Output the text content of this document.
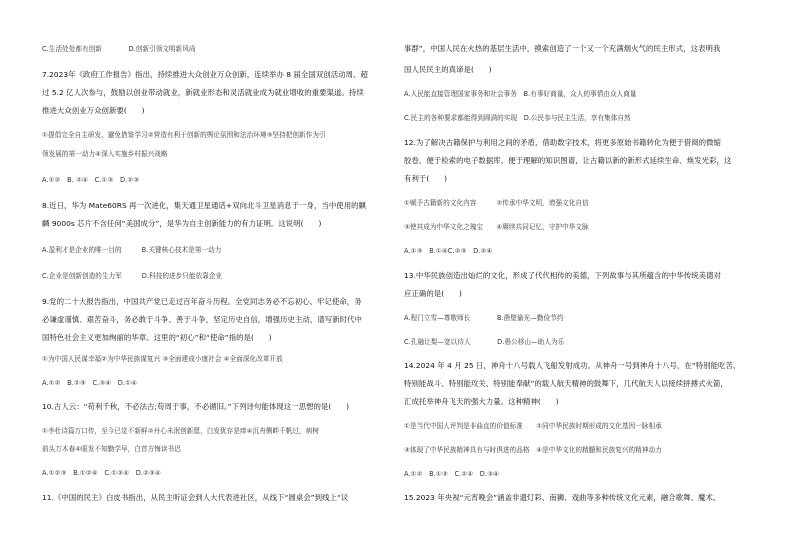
C.生活处处都有创新　　　　D.创新引领文明新风尚
7.2023年《政府工作报告》指出，持续推进大众创业万众创新，连续举办 8 届全国双创活动周、超
过 5.2 亿人次参与，鼓励以创业带动就业，新就业形态和灵活就业成为就业增收的重要渠道。持续
推进大众创业万众创新要(　　)
①提倡完全自主研发，避免借鉴学习②营造有利于创新的舆论氛围和法治环境③坚持把创新作为引
领发展的第一动力④深入实施乡村振兴战略
A.①②　B. ②④　C.①③　D.②③
8.近日，华为 Mate60RS 再一次进化，集天通卫星通话+双向北斗卫星消息于一身，当中使用的麒
麟 9000s 芯片不含任何“美国成分”，是华为自主创新能力的有力证明。这说明(　　)
A.盈利才是企业的唯一目的　　　B.关键核心技术是第一动力
C.企业是创新创造的生力军　　　D.科技的进步只能依靠企业
9.党的二十大报告指出，中国共产党已走过百年奋斗历程。全党同志务必不忘初心、牢记使命，务
必谦虚谨慎、艰苦奋斗，务必敢于斗争、善于斗争，坚定历史自信，增强历史主动，谱写新时代中
国特色社会主义更加绚丽的华章。这里的“初心”和“使命”指的是(　　)
①为中国人民谋幸福②为中华民族谋复兴 ③全面建成小康社会 ④全面深化改革开放
A.①②　B.②③　C.③④　D.①④
10.古人云：“苟利千秋，不必法古;苟周于事，不必循旧。”下列诗句能体现这一思想的是(　　)
①李杜诗篇万口传，至今已觉不新鲜②丹心未泯创新愿，白发犹存是痒④沉舟侧畔千帆过，病树
前头万木春④眼发不知勤学早，白首方悔读书迟
A.①②③　B.①②④　C.①③④　D.②③④
11.《中国的民主》白皮书指出，从民主听证会到人大代表进社区，从线下“圆桌会”到线上“议
事群”，中国人民在火热的基层生活中，摸索创造了一个又一个充满烟火气的民主形式，这表明我
国人民民主的真谛是(　　)
A.人民能直接管理国家事务和社会事务　B.有事好商量，众人的事情由众人商量
C.民主的各种要求都能得到圆满的实现　D.公民参与民主生活，享有集体自然
12.为了解决古籍保护与利用之间的矛盾，借助数字技术，将更多原始书籍转化为便于借阅的微缩
胶卷、便于检索的电子数据库、便于理解的知识图谱，让古籍以新的新形式延续生命、焕发光彩，这
有利于(　　)
①赋予古籍新的文化内容　　　②传承中华文明，增强文化自信
③使其成为中华文化之瑰宝　　④赓续共同记忆，守护中华文脉
A.①③　B.①④C.②③　D.②④
13.中华民族创造出灿烂的文化，形成了代代相传的美德，下列故事与其所蕴含的中华传统美德对
应正确的是(　　)
A.程门立雪—尊敬师长　　　　B.凿壁偷光—勤俭节约
C.孔融让梨—宽以待人　　　　D.愚公移山—助人为乐
14.2024 年 4 月 25 日，神舟十八号载人飞船发射成功。从神舟一号到神舟十八号，在“特别能吃苦、
特别能战斗、特别能攻关、特别能奉献”的载人航天精神的鼓舞下，几代航天人以接续拼搏式火箭，
汇成托举神舟飞天的强大力量。这种精神(　　)
①是当代中国人评判是非曲直的价值标准　　②同中华民族时期形成的文化基因一脉相承
③体现了中华民族精神具有与时俱进的品格　④是中华文化的精髓和民族复兴的精神动力
A.①②　B.①③　C.②④　D.③④
15.2023 年央视“元宵晚会”涵盖非遗灯彩、南狮、戏曲等多种传统文化元素，融合歌舞、魔术、
